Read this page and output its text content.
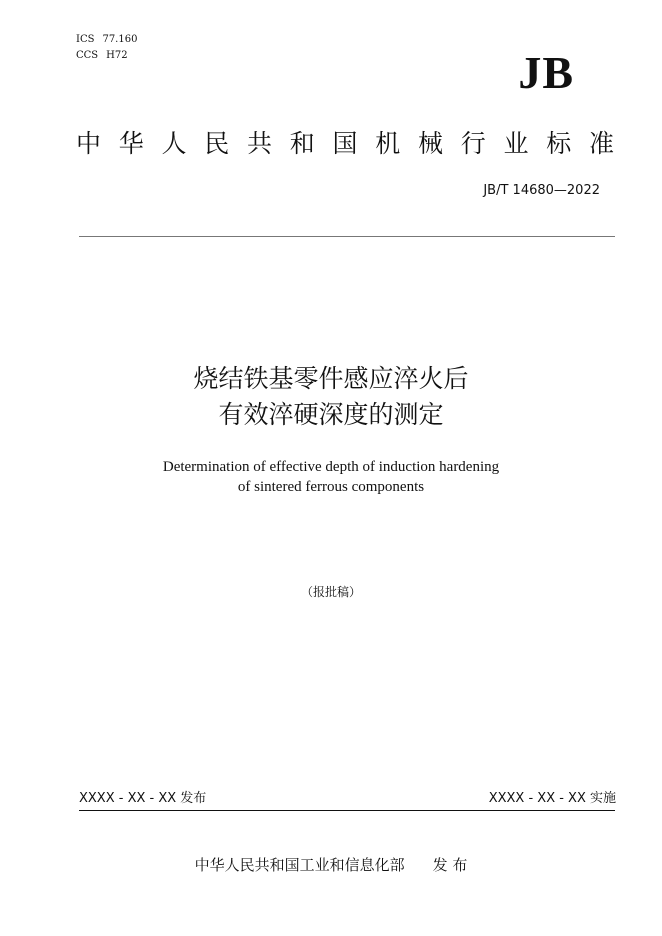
ICS 77.160
CCS H72	JB
中华人民共和国机械行业标准
JB/T 14680—2022
烧结铁基零件感应淬火后
有效淬硬深度的测定
Determination of effective depth of induction hardening
of sintered ferrous components
（报批稿）
XXXX - XX - XX 发布	XXXX - XX - XX 实施
中华人民共和国工业和信息化部 发 布
